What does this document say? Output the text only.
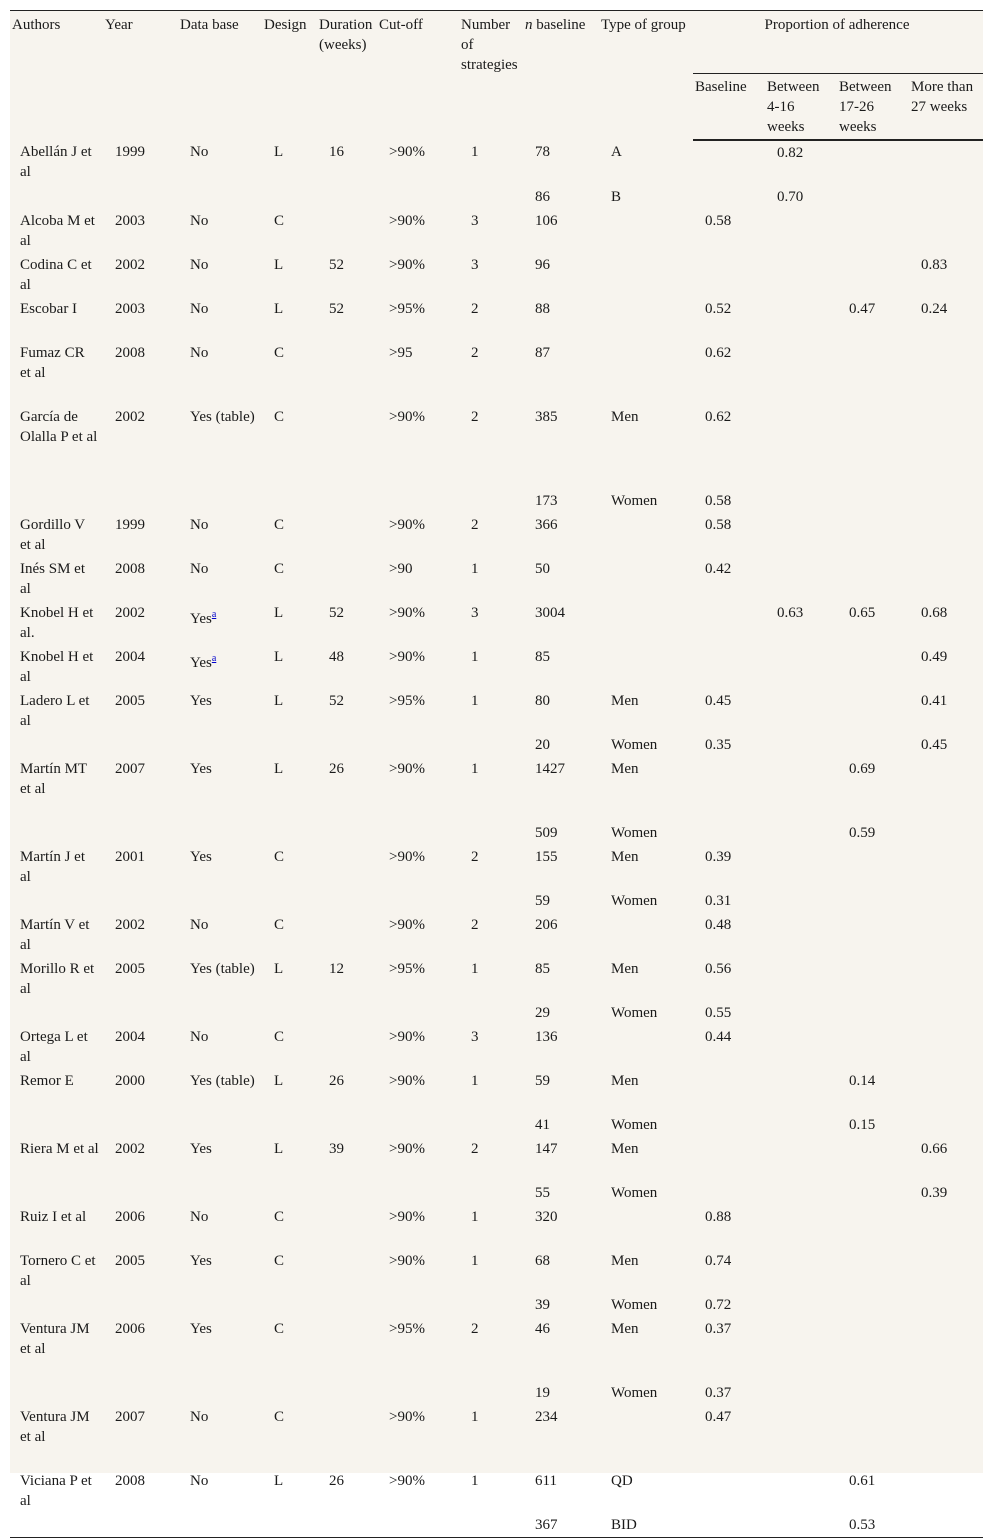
Authors	Year	Data base	Design	Duration (weeks)	Cut-off	Number of strategies	n baseline	Type of group	Proportion of adherence			
									Baseline	Between 4-16 weeks	Between 17-26 weeks	More than 27 weeks
Abellán J et al	1999	No	L	16	>90%	1	78	A		0.82		
							86	B		0.70		
Alcoba M et al	2003	No	C		>90%	3	106		0.58			
Codina C et al	2002	No	L	52	>90%	3	96					0.83
Escobar I	2003	No	L	52	>95%	2	88		0.52		0.47	0.24
Fumaz CR et al	2008	No	C		>95	2	87		0.62			
García de Olalla P et al	2002	Yes (table)	C		>90%	2	385	Men	0.62			
							173	Women	0.58			
Gordillo V et al	1999	No	C		>90%	2	366		0.58			
Inés SM et al	2008	No	C		>90	1	50		0.42			
Knobel H et al.	2002	Yes$^a$	L	52	>90%	3	3004			0.63	0.65	0.68
Knobel H et al	2004	Yes$^a$	L	48	>90%	1	85					0.49
Ladero L et al	2005	Yes	L	52	>95%	1	80	Men	0.45			0.41
							20	Women	0.35			0.45
Martín MT et al	2007	Yes	L	26	>90%	1	1427	Men			0.69	
							509	Women			0.59	
Martín J et al	2001	Yes	C		>90%	2	155	Men	0.39			
							59	Women	0.31			
Martín V et al	2002	No	C		>90%	2	206		0.48			
Morillo R et al	2005	Yes (table)	L	12	>95%	1	85	Men	0.56			
							29	Women	0.55			
Ortega L et al	2004	No	C		>90%	3	136		0.44			
Remor E	2000	Yes (table)	L	26	>90%	1	59	Men			0.14	
							41	Women			0.15	
Riera M et al	2002	Yes	L	39	>90%	2	147	Men				0.66
							55	Women				0.39
Ruiz I et al	2006	No	C		>90%	1	320		0.88			
Tornero C et al	2005	Yes	C		>90%	1	68	Men	0.74			
							39	Women	0.72			
Ventura JM et al	2006	Yes	C		>95%	2	46	Men	0.37			
							19	Women	0.37			
Ventura JM et al	2007	No	C		>90%	1	234		0.47			
Viciana P et al	2008	No	L	26	>90%	1	611	QD			0.61	
							367	BID			0.53	
